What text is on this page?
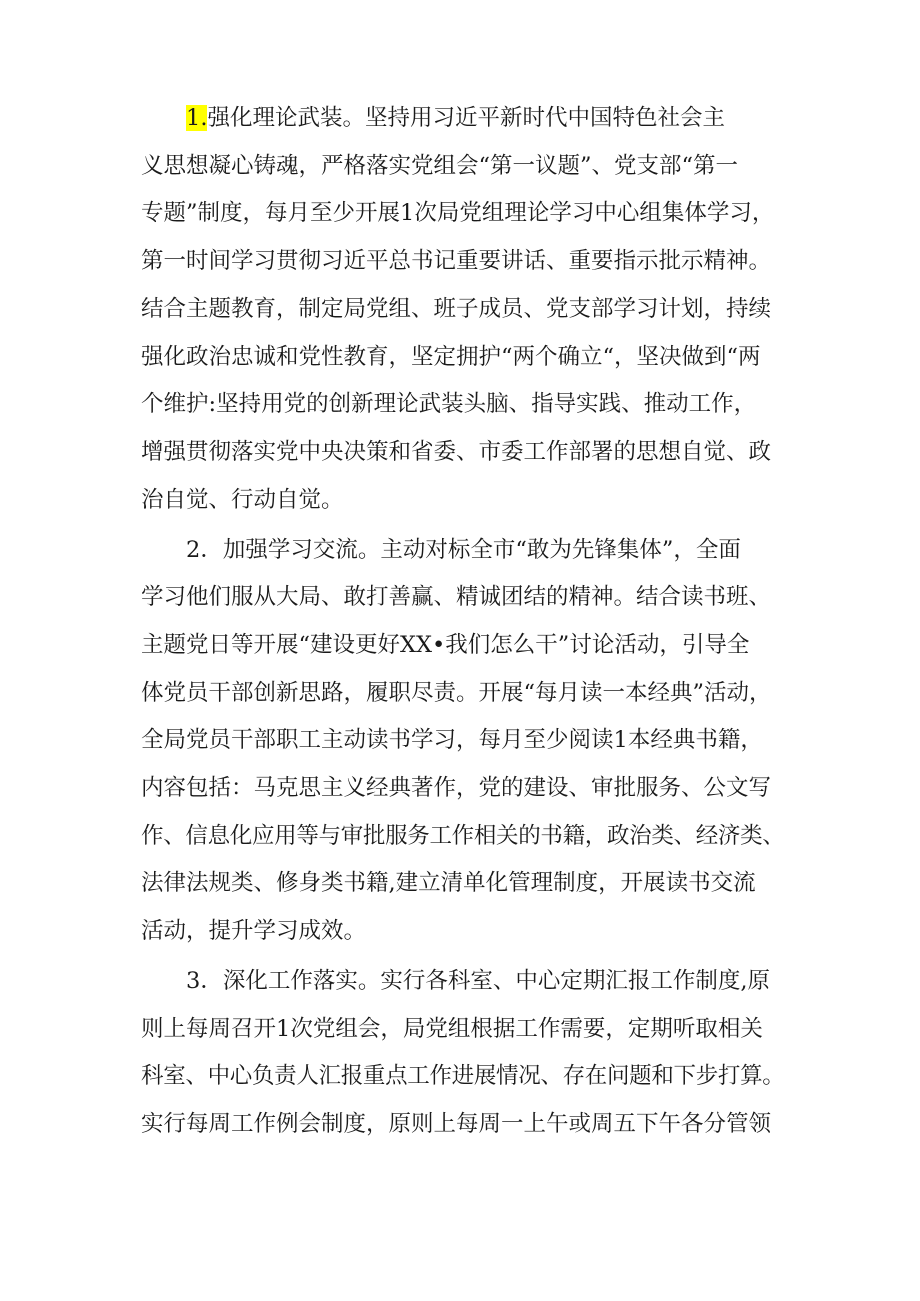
1.强化理论武装。坚持用习近平新时代中国特色社会主
义思想凝心铸魂，严格落实党组会“第一议题”、党支部“第一
专题”制度，每月至少开展1次局党组理论学习中心组集体学习，
第一时间学习贯彻习近平总书记重要讲话、重要指示批示精神。
结合主题教育，制定局党组、班子成员、党支部学习计划，持续
强化政治忠诚和党性教育，坚定拥护“两个确立“，坚决做到“两
个维护:坚持用党的创新理论武装头脑、指导实践、推动工作，
增强贯彻落实党中央决策和省委、市委工作部署的思想自觉、政
治自觉、行动自觉。
2．加强学习交流。主动对标全市“敢为先锋集体”，全面
学习他们服从大局、敢打善赢、精诚团结的精神。结合读书班、
主题党日等开展“建设更好XX•我们怎么干”讨论活动，引导全
体党员干部创新思路，履职尽责。开展“每月读一本经典”活动，
全局党员干部职工主动读书学习，每月至少阅读1本经典书籍，
内容包括：马克思主义经典著作，党的建设、审批服务、公文写
作、信息化应用等与审批服务工作相关的书籍，政治类、经济类、
法律法规类、修身类书籍,建立清单化管理制度，开展读书交流
活动，提升学习成效。
3．深化工作落实。实行各科室、中心定期汇报工作制度,原
则上每周召开1次党组会，局党组根据工作需要，定期听取相关
科室、中心负责人汇报重点工作进展情况、存在问题和下步打算。
实行每周工作例会制度，原则上每周一上午或周五下午各分管领
